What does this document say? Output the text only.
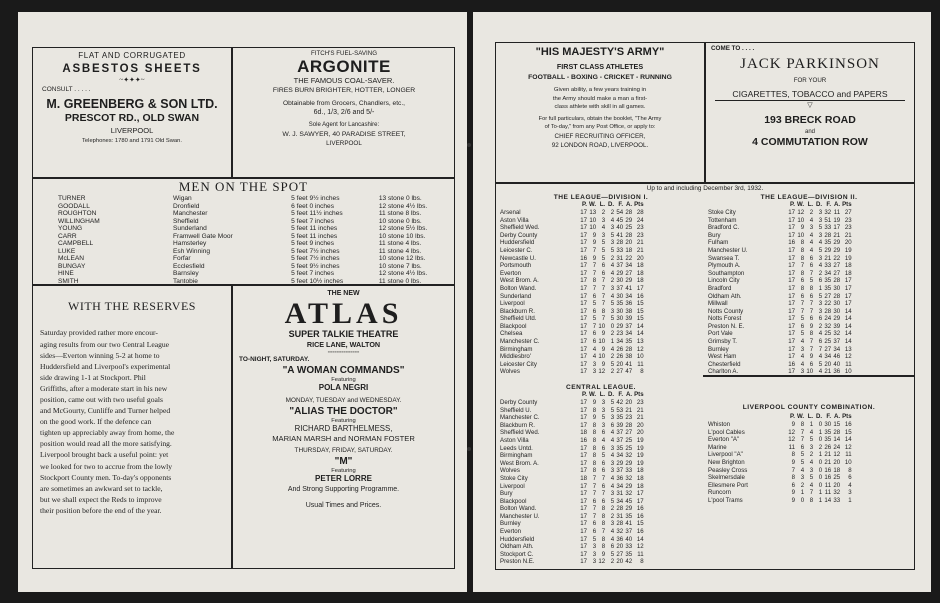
FLAT AND CORRUGATED
ASBESTOS SHEETS
~✦✦✦~
CONSULT . . . . .
M. GREENBERG & SON LTD.
PRESCOT RD., OLD SWAN
LIVERPOOL
Telephones: 1780 and 1791 Old Swan.
FITCH'S FUEL-SAVING
ARGONITE
THE FAMOUS COAL-SAVER.
FIRES BURN BRIGHTER, HOTTER, LONGER
Obtainable from Grocers, Chandlers, etc.,
6d., 1/3, 2/6 and 5/-
Sole Agent for Lancashire:
W. J. SAWYER, 40 PARADISE STREET,
LIVERPOOL
MEN ON THE SPOT
TURNER	Wigan	5 feet 9½ inches	13 stone 0 lbs.
GOODALL	Dronfield	6 feet 0 inches	12 stone 4½ lbs.
ROUGHTON	Manchester	5 feet 11½ inches	11 stone 8 lbs.
WILLINGHAM	Sheffield	5 feet 7 inches	10 stone 0 lbs.
YOUNG	Sunderland	5 feet 11 inches	12 stone 5½ lbs.
CARR	Framwell Gate Moor	5 feet 11 inches	10 stone 10 lbs.
CAMPBELL	Hamsterley	5 feet 9 inches	11 stone 4 lbs.
LUKE	Esh Winning	5 feet 7½ inches	11 stone 4 lbs.
McLEAN	Forfar	5 feet 7½ inches	10 stone 12 lbs.
BUNGAY	Ecclesfield	5 feet 9½ inches	10 stone 7 lbs.
HINE	Barnsley	5 feet 7 inches	12 stone 4½ lbs.
SMITH	Tantobie	5 feet 10½ inches	11 stone 0 lbs.
WITH THE RESERVES
Saturday provided rather more encour-
aging results from our two Central League
sides—Everton winning 5-2 at home to
Huddersfield and Liverpool's experimental
side drawing 1-1 at Stockport. Phil
Griffiths, after a moderate start in his new
position, came out with two useful goals
and McGourty, Cunliffe and Turner helped
on the good work. If the defence can
tighten up appreciably away from home, the
position would read all the more satisfying.
Liverpool brought back a useful point: yet
we looked for two to accrue from the lowly
Stockport County men. To-day's opponents
are sometimes an awkward set to tackle,
but we shall expect the Reds to improve
their position before the end of the year.
THE NEW
ATLAS
SUPER TALKIE THEATRE
RICE LANE, WALTON
≡≡≡≡≡≡≡≡≡≡≡≡≡≡
TO-NIGHT, SATURDAY.
"A WOMAN COMMANDS"
Featuring
POLA NEGRI
MONDAY, TUESDAY and WEDNESDAY.
"ALIAS THE DOCTOR"
Featuring
RICHARD BARTHELMESS,
MARIAN MARSH and NORMAN FOSTER
THURSDAY, FRIDAY, SATURDAY.
"M"
Featuring
PETER LORRE
And Strong Supporting Programme.
Usual Times and Prices.
"HIS MAJESTY'S ARMY"
FIRST CLASS ATHLETES
FOOTBALL - BOXING - CRICKET - RUNNING
Given ability, a few years training in
the Army should make a man a first-
class athlete with skill in all games.
For full particulars, obtain the booklet, "The Army
of To-day," from any Post Office, or apply to:
CHIEF RECRUITING OFFICER,
92 LONDON ROAD, LIVERPOOL.
COME TO . . . .
JACK PARKINSON
FOR YOUR
CIGARETTES, TOBACCO and PAPERS
▽
193 BRECK ROAD
and
4 COMMUTATION ROW
Up to and including December 3rd, 1932.
THE LEAGUE—DIVISION I.
	P.	W.	L.	D.	F.	A.	Pts
Arsenal	17	13	2	2	54	28	28
Aston Villa	17	10	3	4	45	29	24
Sheffield Wed.	17	10	4	3	40	25	23
Derby County	17	9	3	5	41	28	23
Huddersfield	17	9	5	3	28	20	21
Leicester C.	17	7	5	5	33	18	21
Newcastle U.	16	9	5	2	31	22	20
Portsmouth	17	7	6	4	37	34	18
Everton	17	7	6	4	29	27	18
West Brom. A.	17	8	7	2	30	29	18
Bolton Wand.	17	7	7	3	37	41	17
Sunderland	17	6	7	4	30	34	16
Liverpool	17	5	7	5	35	36	15
Blackburn R.	17	6	8	3	30	38	15
Sheffield Utd.	17	5	7	5	30	39	15
Blackpool	17	7	10	0	29	37	14
Chelsea	17	6	9	2	23	34	14
Manchester C.	17	6	10	1	34	35	13
Birmingham	17	4	9	4	26	28	12
Middlesbro'	17	4	10	2	26	38	10
Leicester City	17	3	9	5	20	41	11
Wolves	17	3	12	2	27	47	8
THE LEAGUE—DIVISION II.
	P.	W.	L.	D.	F.	A.	Pts
Stoke City	17	12	2	3	32	11	27
Tottenham	17	10	4	3	51	19	23
Bradford C.	17	9	3	5	33	17	23
Bury	17	10	4	3	28	21	21
Fulham	16	8	4	4	35	29	20
Manchester U.	17	8	4	5	29	29	19
Swansea T.	17	8	6	3	21	22	19
Plymouth A.	17	7	6	4	33	27	18
Southampton	17	8	7	2	34	27	18
Lincoln City	17	6	5	6	35	28	17
Bradford	17	8	8	1	35	30	17
Oldham Ath.	17	6	6	5	27	28	17
Millwall	17	7	7	3	22	30	17
Notts County	17	7	7	3	28	30	14
Notts Forest	17	5	6	6	24	29	14
Preston N. E.	17	6	9	2	32	39	14
Port Vale	17	5	8	4	25	32	14
Grimsby T.	17	4	7	6	25	37	14
Burnley	17	3	7	7	27	34	13
West Ham	17	4	9	4	34	46	12
Chesterfield	16	4	6	5	20	40	11
Charlton A.	17	3	10	4	21	36	10
CENTRAL LEAGUE.
	P.	W.	L.	D.	F.	A.	Pts
Derby County	17	9	3	5	42	20	23
Sheffield U.	17	8	3	5	53	21	21
Manchester C.	17	9	5	3	35	23	21
Blackburn R.	17	8	3	6	39	28	20
Sheffield Wed.	18	8	6	4	37	27	20
Aston Villa	16	8	4	4	37	25	19
Leeds Untd.	17	8	6	3	35	25	19
Birmingham	17	8	5	4	34	32	19
West Brom. A.	17	8	6	3	29	29	19
Wolves	17	8	6	3	37	33	18
Stoke City	18	7	7	4	36	32	18
Liverpool	17	7	6	4	34	29	18
Bury	17	7	7	3	31	32	17
Blackpool	17	6	6	5	34	45	17
Bolton Wand.	17	7	8	2	28	29	16
Manchester U.	17	7	8	2	31	35	16
Burnley	17	6	8	3	28	41	15
Everton	17	6	7	4	32	37	16
Huddersfield	17	5	8	4	36	40	14
Oldham Ath.	17	3	8	6	20	33	12
Stockport C.	17	3	9	5	27	35	11
Preston N.E.	17	3	12	2	20	42	8
LIVERPOOL COUNTY COMBINATION.
	P.	W.	L.	D.	F.	A.	Pts
Whiston	9	8	1	0	30	15	16
L'pool Cables	12	7	4	1	35	28	15
Everton "A"	12	7	5	0	35	14	14
Marine	11	6	3	2	26	24	12
Liverpool "A"	8	5	2	1	21	12	11
New Brighton	9	5	4	0	21	20	10
Peasley Cross	7	4	3	0	16	18	8
Skelmersdale	8	3	5	0	16	25	6
Ellesmere Port	6	2	4	0	11	20	4
Runcorn	9	1	7	1	11	32	3
L'pool Trams	9	0	8	1	14	33	1
